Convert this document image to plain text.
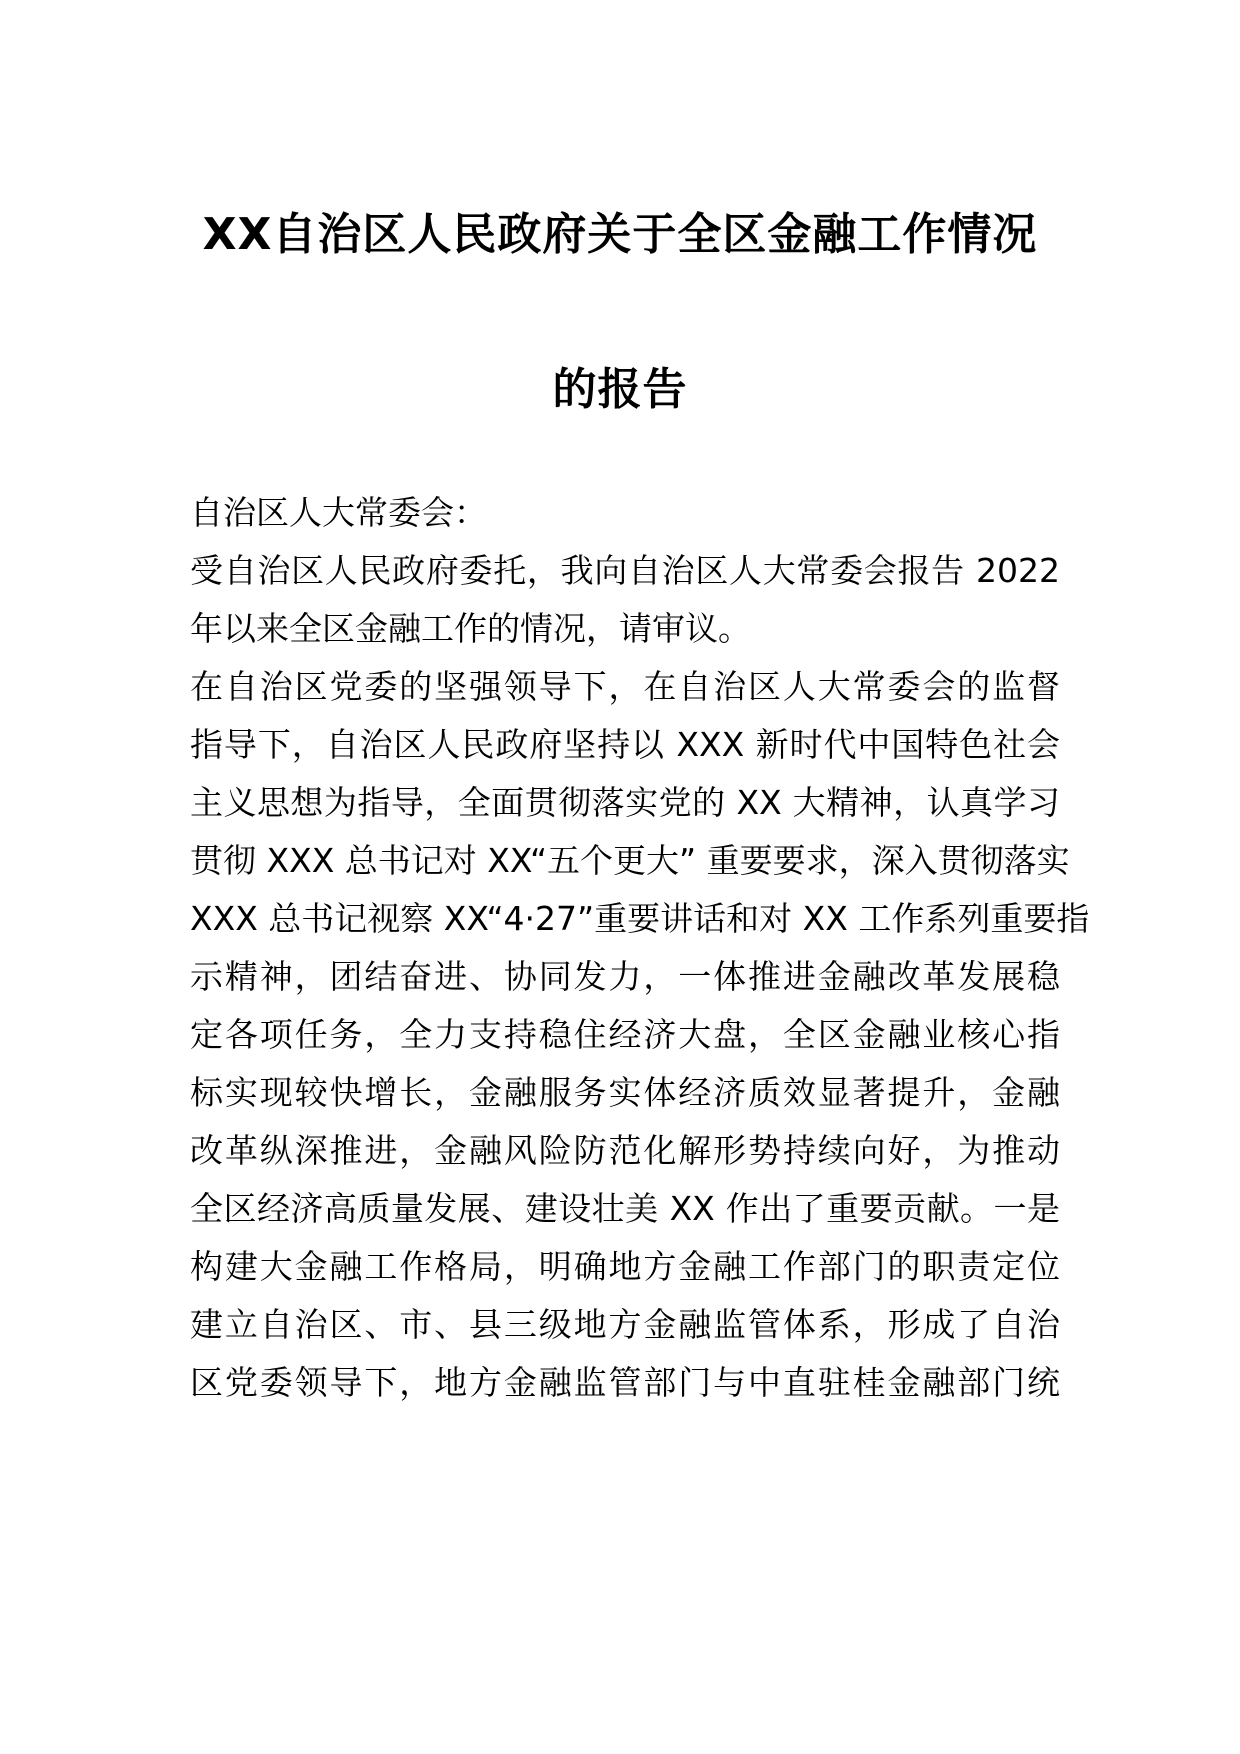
XX自治区人民政府关于全区金融工作情况
的报告
自治区人大常委会：
受自治区人民政府委托，我向自治区人大常委会报告 2022
年以来全区金融工作的情况，请审议。
在自治区党委的坚强领导下，在自治区人大常委会的监督
指导下，自治区人民政府坚持以 XXX 新时代中国特色社会
主义思想为指导，全面贯彻落实党的 XX 大精神，认真学习
贯彻 XXX 总书记对 XX“五个更大” 重要要求，深入贯彻落实
XXX 总书记视察 XX“4·27”重要讲话和对 XX 工作系列重要指
示精神，团结奋进、协同发力，一体推进金融改革发展稳
定各项任务，全力支持稳住经济大盘，全区金融业核心指
标实现较快增长，金融服务实体经济质效显著提升，金融
改革纵深推进，金融风险防范化解形势持续向好，为推动
全区经济高质量发展、建设壮美 XX 作出了重要贡献。一是
构建大金融工作格局，明确地方金融工作部门的职责定位
建立自治区、市、县三级地方金融监管体系，形成了自治
区党委领导下，地方金融监管部门与中直驻桂金融部门统
